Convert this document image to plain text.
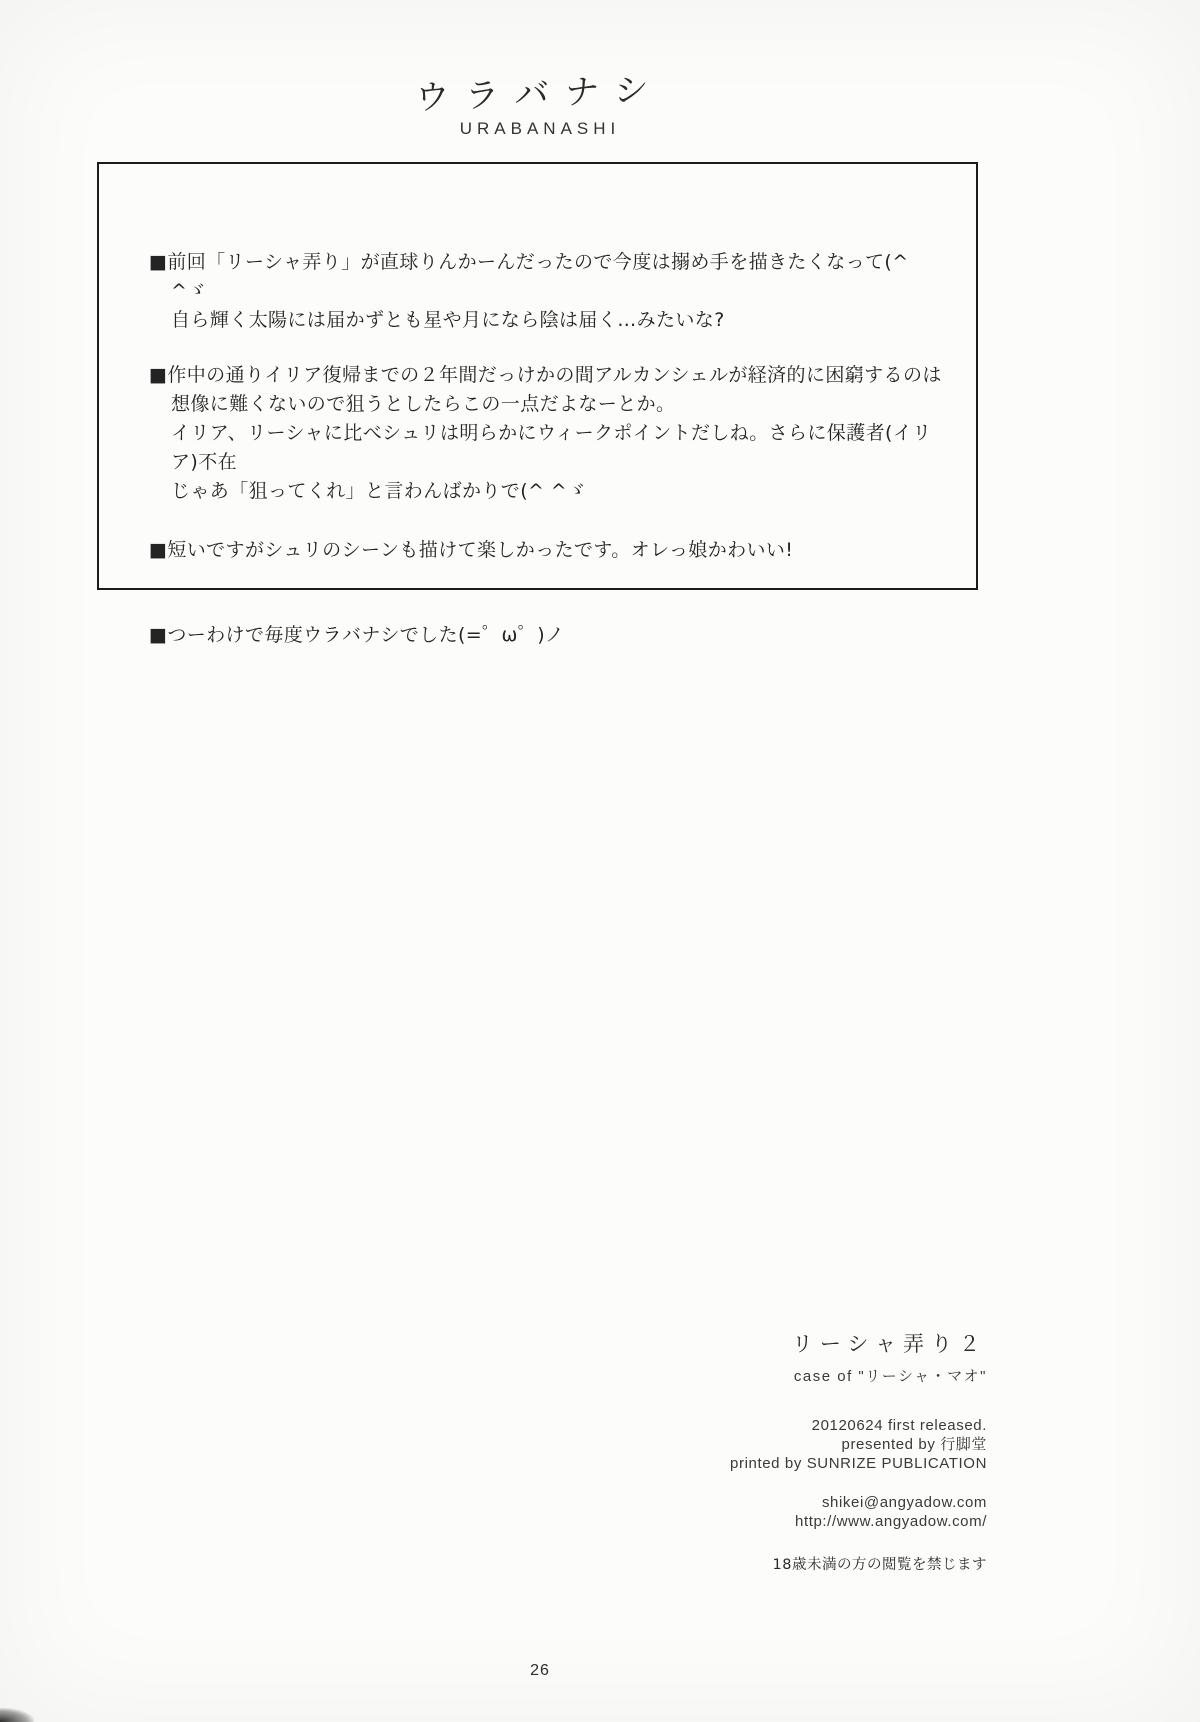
ウラバナシ
URABANASHI
■前回「リーシャ弄り」が直球りんかーんだったので今度は搦め手を描きたくなって(^ ^ゞ
自ら輝く太陽には届かずとも星や月になら陰は届く…みたいな?
■作中の通りイリア復帰までの２年間だっけかの間アルカンシェルが経済的に困窮するのは
想像に難くないので狙うとしたらこの一点だよなーとか。
イリア、リーシャに比べシュリは明らかにウィークポイントだしね。さらに保護者(イリア)不在
じゃあ「狙ってくれ」と言わんばかりで(^ ^ゞ
■短いですがシュリのシーンも描けて楽しかったです。オレっ娘かわいい!
■つーわけで毎度ウラバナシでした(=゜ω゜)ノ
リーシャ弄り２
case of "リーシャ・マオ"
20120624 first released.
presented by 行脚堂
printed by SUNRIZE PUBLICATION
shikei@angyadow.com
http://www.angyadow.com/
18歳未満の方の閲覧を禁じます
26
